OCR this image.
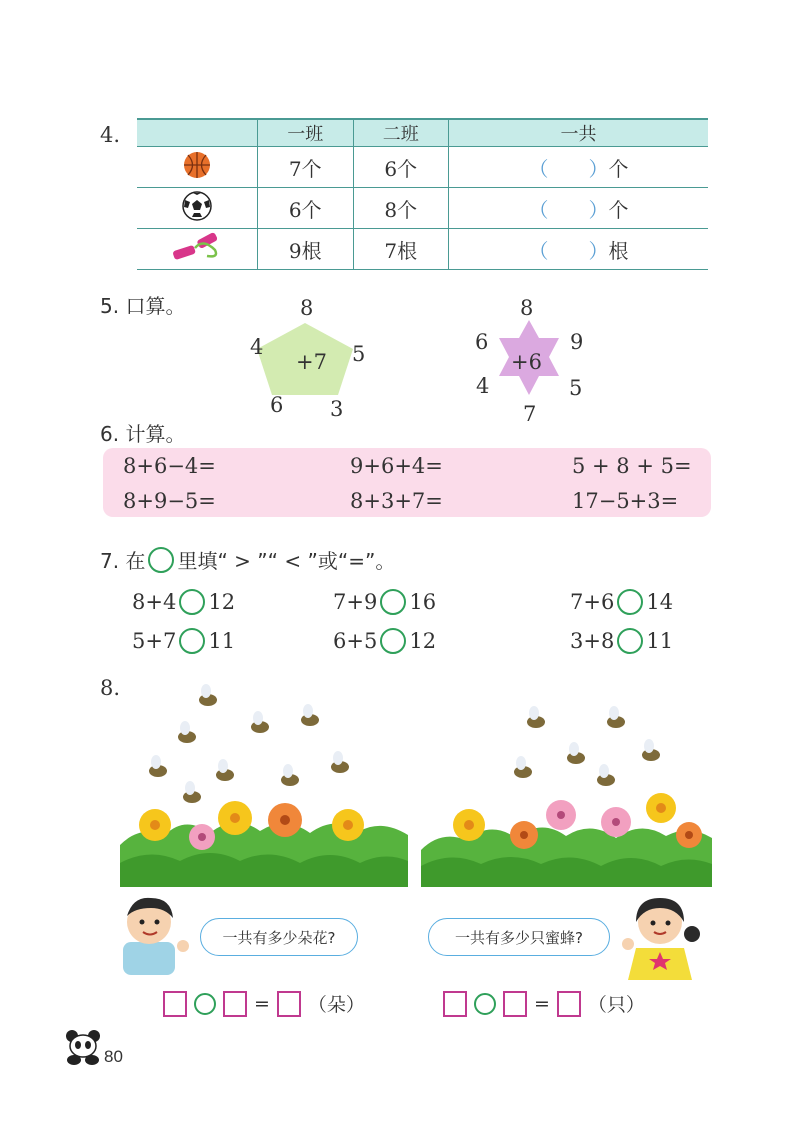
4.
		一班	二班	一共
	7个	6个	（　　）个
	6个	8个	（　　）个
	9根	7根	（　　）根
5. 口算。
+7
8
4	5
6 3
+6
8
6	9
4	5
7
6. 计算。
8+6−4=	9+6+4=	5 + 8 + 5=
8+9−5=	8+3+7=	17−5+3=
7. 在 里填“ > ”“ < ”或“=”。
8+4 12	7+9 16	7+6 14
5+7 11	6+5 12	3+8 11
8.
一共有多少朵花?	一共有多少只蜜蜂?
= （朵）	= （只）
80
